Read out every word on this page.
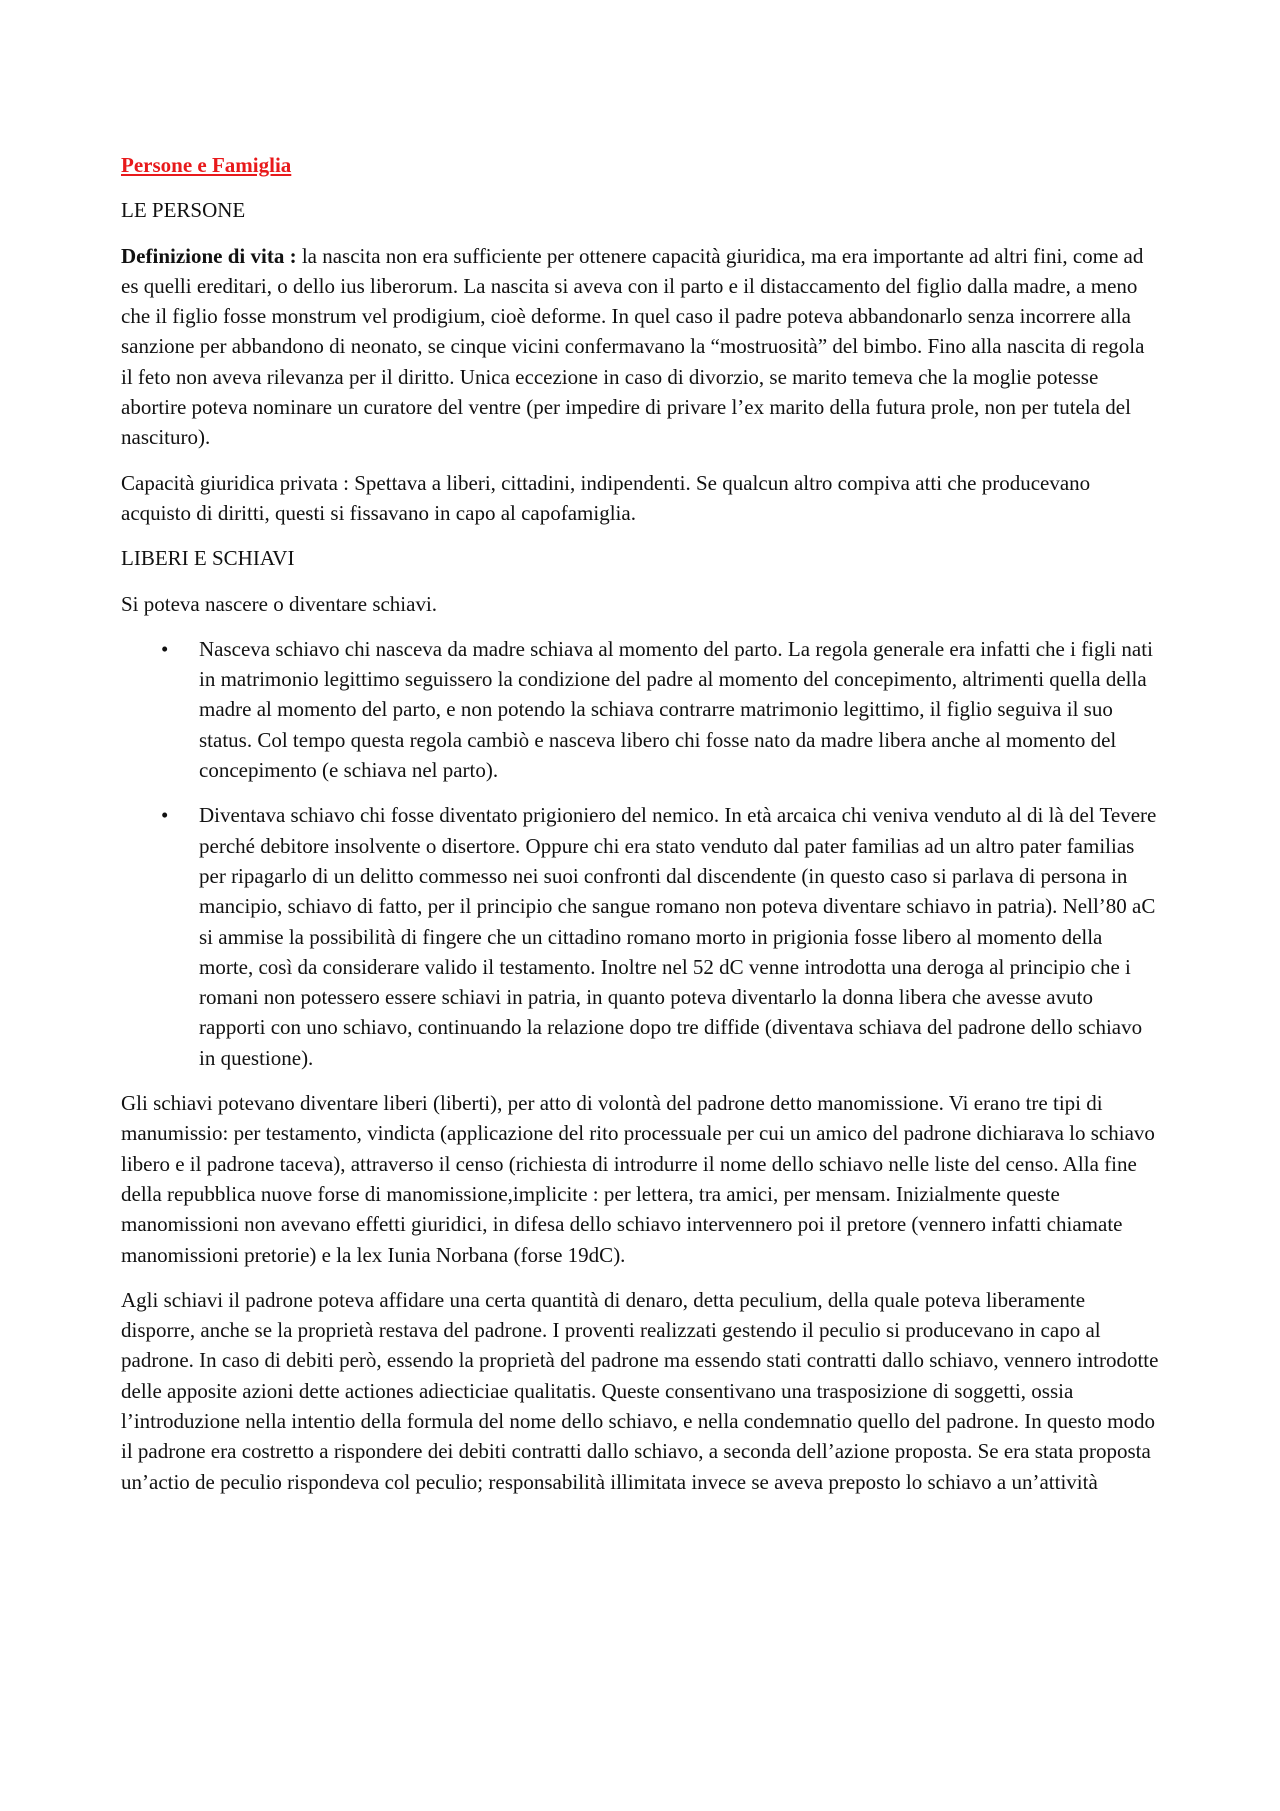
Persone e Famiglia

LE PERSONE

Definizione di vita : la nascita non era sufficiente per ottenere capacità giuridica, ma era importante ad altri fini, come ad es quelli ereditari, o dello ius liberorum. La nascita si aveva con il parto e il distaccamento del figlio dalla madre, a meno che il figlio fosse monstrum vel prodigium, cioè deforme. In quel caso il padre poteva abbandonarlo senza incorrere alla sanzione per abbandono di neonato, se cinque vicini confermavano la “mostruosità” del bimbo. Fino alla nascita di regola il feto non aveva rilevanza per il diritto. Unica eccezione in caso di divorzio, se marito temeva che la moglie potesse abortire poteva nominare un curatore del ventre (per impedire di privare l’ex marito della futura prole, non per tutela del nascituro).

Capacità giuridica privata : Spettava a liberi, cittadini, indipendenti. Se qualcun altro compiva atti che producevano acquisto di diritti, questi si fissavano in capo al capofamiglia.

LIBERI E SCHIAVI

Si poteva nascere o diventare schiavi.

• Nasceva schiavo chi nasceva da madre schiava al momento del parto. La regola generale era infatti che i figli nati in matrimonio legittimo seguissero la condizione del padre al momento del concepimento, altrimenti quella della madre al momento del parto, e non potendo la schiava contrarre matrimonio legittimo, il figlio seguiva il suo status. Col tempo questa regola cambiò e nasceva libero chi fosse nato da madre libera anche al momento del concepimento (e schiava nel parto).
• Diventava schiavo chi fosse diventato prigioniero del nemico. In età arcaica chi veniva venduto al di là del Tevere perché debitore insolvente o disertore. Oppure chi era stato venduto dal pater familias ad un altro pater familias per ripagarlo di un delitto commesso nei suoi confronti dal discendente (in questo caso si parlava di persona in mancipio, schiavo di fatto, per il principio che sangue romano non poteva diventare schiavo in patria). Nell’80 aC si ammise la possibilità di fingere che un cittadino romano morto in prigionia fosse libero al momento della morte, così da considerare valido il testamento. Inoltre nel 52 dC venne introdotta una deroga al principio che i romani non potessero essere schiavi in patria, in quanto poteva diventarlo la donna libera che avesse avuto rapporti con uno schiavo, continuando la relazione dopo tre diffide (diventava schiava del padrone dello schiavo in questione).

Gli schiavi potevano diventare liberi (liberti), per atto di volontà del padrone detto manomissione. Vi erano tre tipi di manumissio: per testamento, vindicta (applicazione del rito processuale per cui un amico del padrone dichiarava lo schiavo libero e il padrone taceva), attraverso il censo (richiesta di introdurre il nome dello schiavo nelle liste del censo. Alla fine della repubblica nuove forse di manomissione,implicite : per lettera, tra amici, per mensam. Inizialmente queste manomissioni non avevano effetti giuridici, in difesa dello schiavo intervennero poi il pretore (vennero infatti chiamate manomissioni pretorie) e la lex Iunia Norbana (forse 19dC).

Agli schiavi il padrone poteva affidare una certa quantità di denaro, detta peculium, della quale poteva liberamente disporre, anche se la proprietà restava del padrone. I proventi realizzati gestendo il peculio si producevano in capo al padrone. In caso di debiti però, essendo la proprietà del padrone ma essendo stati contratti dallo schiavo, vennero introdotte delle apposite azioni dette actiones adiecticiae qualitatis. Queste consentivano una trasposizione di soggetti, ossia l’introduzione nella intentio della formula del nome dello schiavo, e nella condemnatio quello del padrone. In questo modo il padrone era costretto a rispondere dei debiti contratti dallo schiavo, a seconda dell’azione proposta. Se era stata proposta un’actio de peculio rispondeva col peculio; responsabilità illimitata invece se aveva preposto lo schiavo a un’attività
